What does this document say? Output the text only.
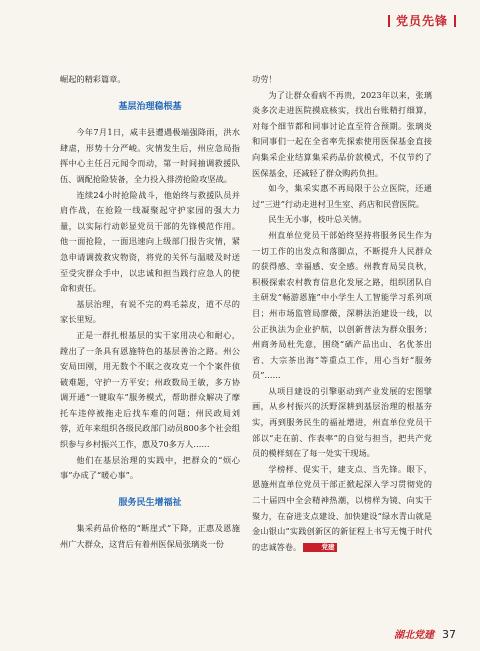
党员先锋

崛起的精彩篇章。

基层治理稳根基

今年7月1日，咸丰县遭遇极端强降雨，洪水肆虐，形势十分严峻。灾情发生后，州应急局指挥中心主任吕元闻令而动，第一时间抽调救援队伍、调配抢险装备，全力投入排涝抢险攻坚战。

连续24小时抢险战斗，他始终与救援队员并肩作战，在抢险一线凝聚起守护家园的强大力量，以实际行动彰显党员干部的先锋模范作用。他一面抢险，一面迅速向上级部门报告灾情，紧急申请调拨救灾物资，将党的关怀与温暖及时送至受灾群众手中，以忠诚和担当践行应急人的使命和责任。

基层治理，有说不完的鸡毛蒜皮，道不尽的家长里短。

正是一群扎根基层的实干家用决心和耐心，蹚出了一条具有恩施特色的基层善治之路。州公安局田刚，用无数个不眠之夜攻克一个个案件侦破难题，守护一方平安；州政数局王敏，多方协调开通“一键取车”服务模式，帮助群众解决了摩托车违停被拖走后找车难的问题；州民政局刘蓉，近年来组织各级民政部门动员800多个社会组织参与乡村振兴工作，惠及70多万人……

他们在基层治理的实践中，把群众的“烦心事”办成了“暖心事”。

服务民生增福祉

集采药品价格的“断崖式”下降，正惠及恩施州广大群众，这背后有着州医保局张璃炎一份

功劳！

为了让群众看病不再贵，2023年以来，张璃炎多次走进医院摸底核实，找出台账精打细算，对每个细节都和同事讨论直至符合预期。张璃炎和同事们一起在全省率先探索使用医保基金直接向集采企业结算集采药品价款模式，不仅节约了医保基金，还减轻了群众购药负担。

如今，集采实惠不再局限于公立医院，还通过“三进”行动走进村卫生室、药店和民营医院。

民生无小事，枝叶总关情。

州直单位党员干部始终坚持将服务民生作为一切工作的出发点和落脚点，不断提升人民群众的获得感、幸福感、安全感。州教育局吴良秋，积极探索农村教育信息化发展之路，组织团队自主研发“畅游恩施”中小学生人工智能学习系列项目；州市场监管局廖薇，深耕法治建设一线，以公正执法为企业护航，以创新普法为群众服务；州商务局杜先意，围绕“硒产品出山、名优茶出省、大宗茶出海”等重点工作，用心当好“服务员”……

从项目建设的引擎驱动到产业发展的宏图擘画，从乡村振兴的沃野深耕到基层治理的根基夯实，再到服务民生的福祉增进，州直单位党员干部以“走在前、作表率”的自觉与担当，把共产党员的模样刻在了每一处实干现场。

学榜样、促实干，建支点、当先锋。眼下，恩施州直单位党员干部正掀起深入学习贯彻党的二十届四中全会精神热潮，以榜样为镜、向实干聚力，在奋进支点建设、加快建设“绿水青山就是金山银山”实践创新区的新征程上书写无愧于时代的忠诚答卷。	党建

湖北党建 37
